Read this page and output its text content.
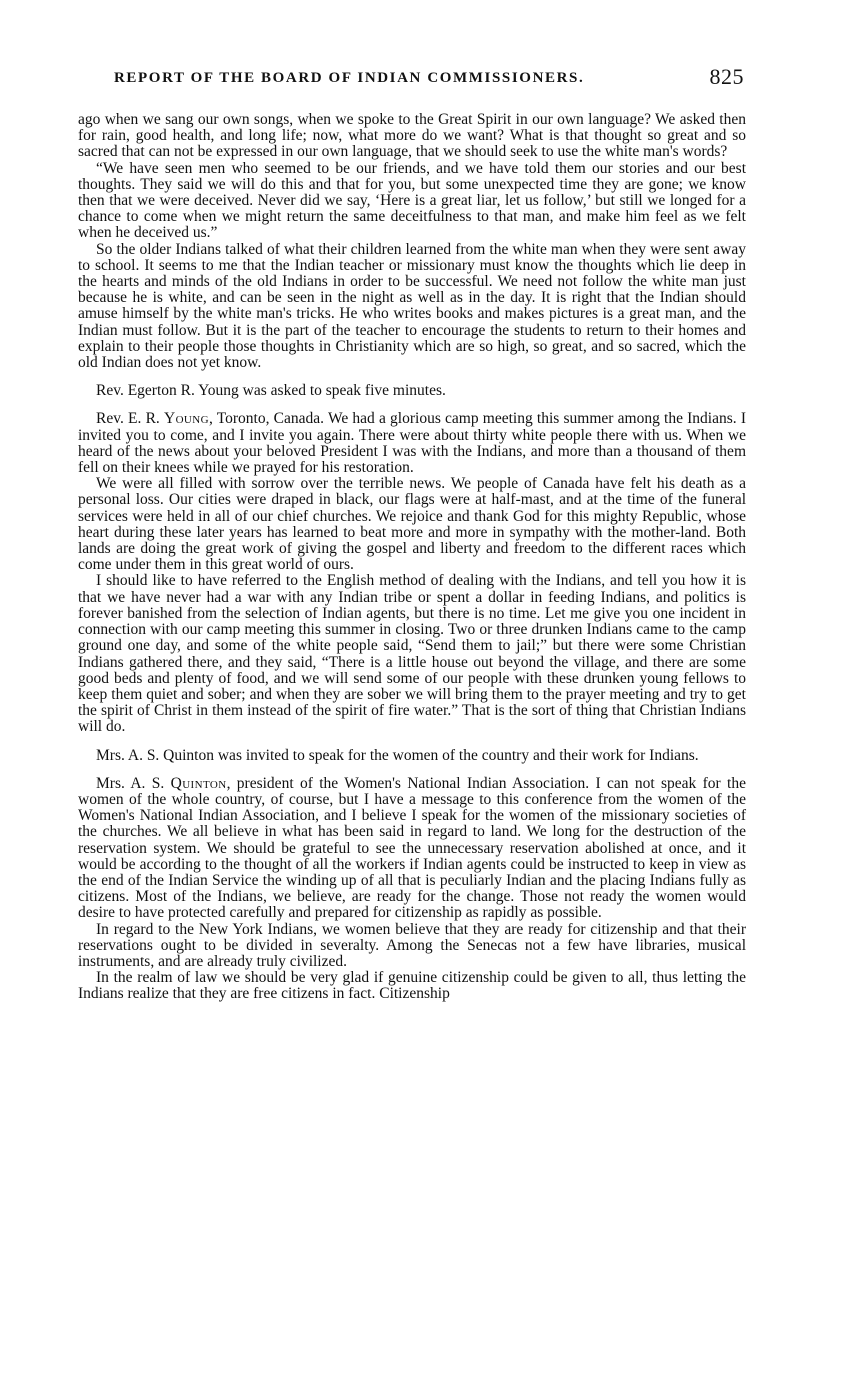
REPORT OF THE BOARD OF INDIAN COMMISSIONERS.	825

ago when we sang our own songs, when we spoke to the Great Spirit in our own language? We asked then for rain, good health, and long life; now, what more do we want? What is that thought so great and so sacred that can not be expressed in our own language, that we should seek to use the white man's words?

“We have seen men who seemed to be our friends, and we have told them our stories and our best thoughts. They said we will do this and that for you, but some unexpected time they are gone; we know then that we were deceived. Never did we say, ‘Here is a great liar, let us follow,’ but still we longed for a chance to come when we might return the same deceitfulness to that man, and make him feel as we felt when he deceived us.”

So the older Indians talked of what their children learned from the white man when they were sent away to school. It seems to me that the Indian teacher or missionary must know the thoughts which lie deep in the hearts and minds of the old Indians in order to be successful. We need not follow the white man just because he is white, and can be seen in the night as well as in the day. It is right that the Indian should amuse himself by the white man's tricks. He who writes books and makes pictures is a great man, and the Indian must follow. But it is the part of the teacher to encourage the students to return to their homes and explain to their people those thoughts in Christianity which are so high, so great, and so sacred, which the old Indian does not yet know.

Rev. Egerton R. Young was asked to speak five minutes.

Rev. E. R. Young, Toronto, Canada. We had a glorious camp meeting this summer among the Indians. I invited you to come, and I invite you again. There were about thirty white people there with us. When we heard of the news about your beloved President I was with the Indians, and more than a thousand of them fell on their knees while we prayed for his restoration.

We were all filled with sorrow over the terrible news. We people of Canada have felt his death as a personal loss. Our cities were draped in black, our flags were at half-mast, and at the time of the funeral services were held in all of our chief churches. We rejoice and thank God for this mighty Republic, whose heart during these later years has learned to beat more and more in sympathy with the mother-land. Both lands are doing the great work of giving the gospel and liberty and freedom to the different races which come under them in this great world of ours.

I should like to have referred to the English method of dealing with the Indians, and tell you how it is that we have never had a war with any Indian tribe or spent a dollar in feeding Indians, and politics is forever banished from the selection of Indian agents, but there is no time. Let me give you one incident in connection with our camp meeting this summer in closing. Two or three drunken Indians came to the camp ground one day, and some of the white people said, “Send them to jail;” but there were some Christian Indians gathered there, and they said, “There is a little house out beyond the village, and there are some good beds and plenty of food, and we will send some of our people with these drunken young fellows to keep them quiet and sober; and when they are sober we will bring them to the prayer meeting and try to get the spirit of Christ in them instead of the spirit of fire water.” That is the sort of thing that Christian Indians will do.

Mrs. A. S. Quinton was invited to speak for the women of the country and their work for Indians.

Mrs. A. S. Quinton, president of the Women's National Indian Association. I can not speak for the women of the whole country, of course, but I have a message to this conference from the women of the Women's National Indian Association, and I believe I speak for the women of the missionary societies of the churches. We all believe in what has been said in regard to land. We long for the destruction of the reservation system. We should be grateful to see the unnecessary reservation abolished at once, and it would be according to the thought of all the workers if Indian agents could be instructed to keep in view as the end of the Indian Service the winding up of all that is peculiarly Indian and the placing Indians fully as citizens. Most of the Indians, we believe, are ready for the change. Those not ready the women would desire to have protected carefully and prepared for citizenship as rapidly as possible.

In regard to the New York Indians, we women believe that they are ready for citizenship and that their reservations ought to be divided in severalty. Among the Senecas not a few have libraries, musical instruments, and are already truly civilized.

In the realm of law we should be very glad if genuine citizenship could be given to all, thus letting the Indians realize that they are free citizens in fact. Citizenship
